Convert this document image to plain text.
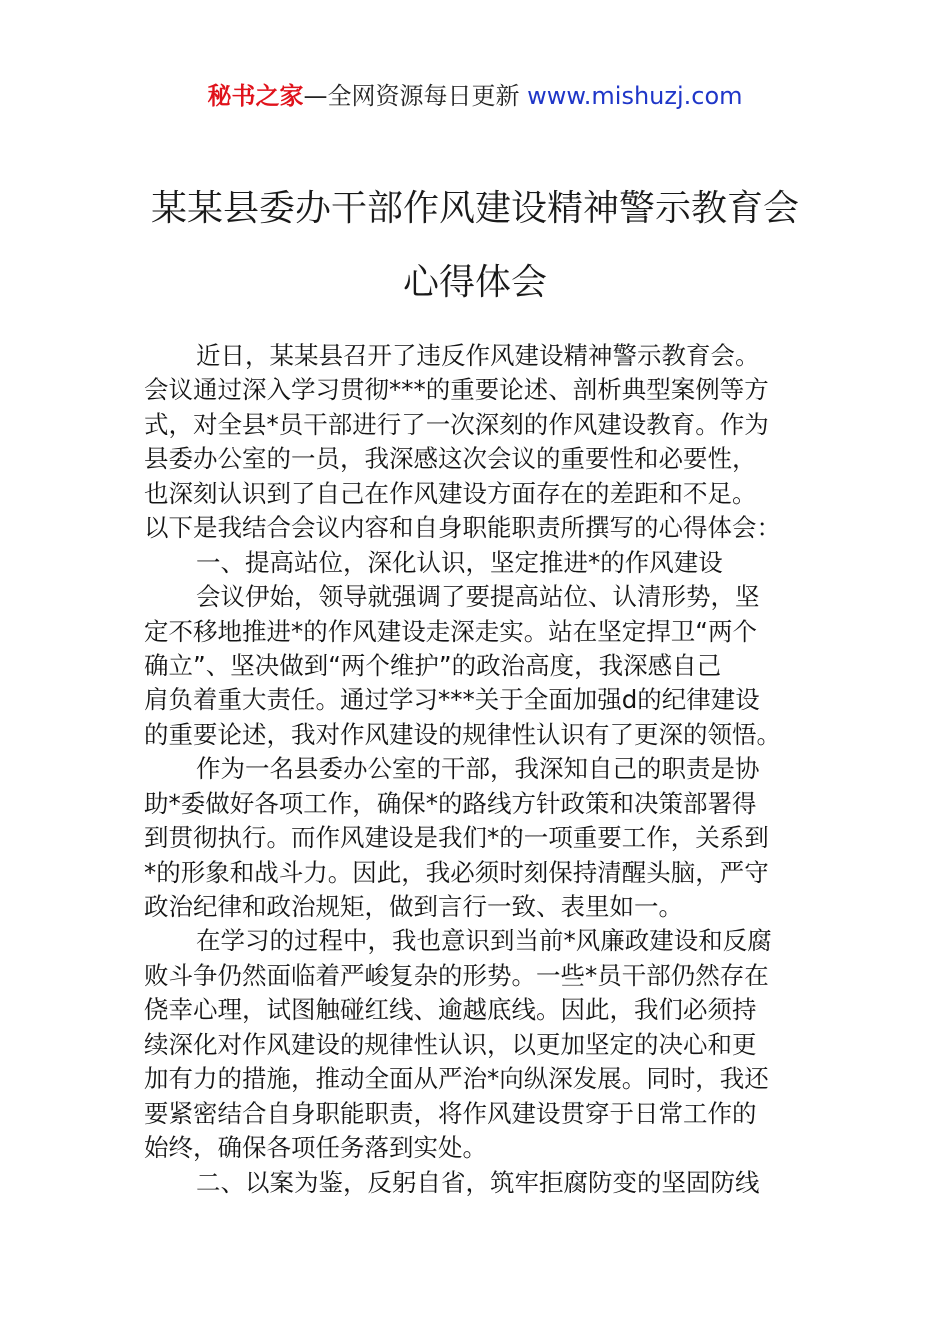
秘书之家—全网资源每日更新 www.mishuzj.com
某某县委办干部作风建设精神警示教育会
心得体会
近日，某某县召开了违反作风建设精神警示教育会。
会议通过深入学习贯彻***的重要论述、剖析典型案例等方
式，对全县*员干部进行了一次深刻的作风建设教育。作为
县委办公室的一员，我深感这次会议的重要性和必要性，
也深刻认识到了自己在作风建设方面存在的差距和不足。
以下是我结合会议内容和自身职能职责所撰写的心得体会：
一、提高站位，深化认识，坚定推进*的作风建设
会议伊始，领导就强调了要提高站位、认清形势，坚
定不移地推进*的作风建设走深走实。站在坚定捍卫“两个
确立”、坚决做到“两个维护”的政治高度，我深感自己
肩负着重大责任。通过学习***关于全面加强d的纪律建设
的重要论述，我对作风建设的规律性认识有了更深的领悟。
作为一名县委办公室的干部，我深知自己的职责是协
助*委做好各项工作，确保*的路线方针政策和决策部署得
到贯彻执行。而作风建设是我们*的一项重要工作，关系到
*的形象和战斗力。因此，我必须时刻保持清醒头脑，严守
政治纪律和政治规矩，做到言行一致、表里如一。
在学习的过程中，我也意识到当前*风廉政建设和反腐
败斗争仍然面临着严峻复杂的形势。一些*员干部仍然存在
侥幸心理，试图触碰红线、逾越底线。因此，我们必须持
续深化对作风建设的规律性认识，以更加坚定的决心和更
加有力的措施，推动全面从严治*向纵深发展。同时，我还
要紧密结合自身职能职责，将作风建设贯穿于日常工作的
始终，确保各项任务落到实处。
二、以案为鉴，反躬自省，筑牢拒腐防变的坚固防线
